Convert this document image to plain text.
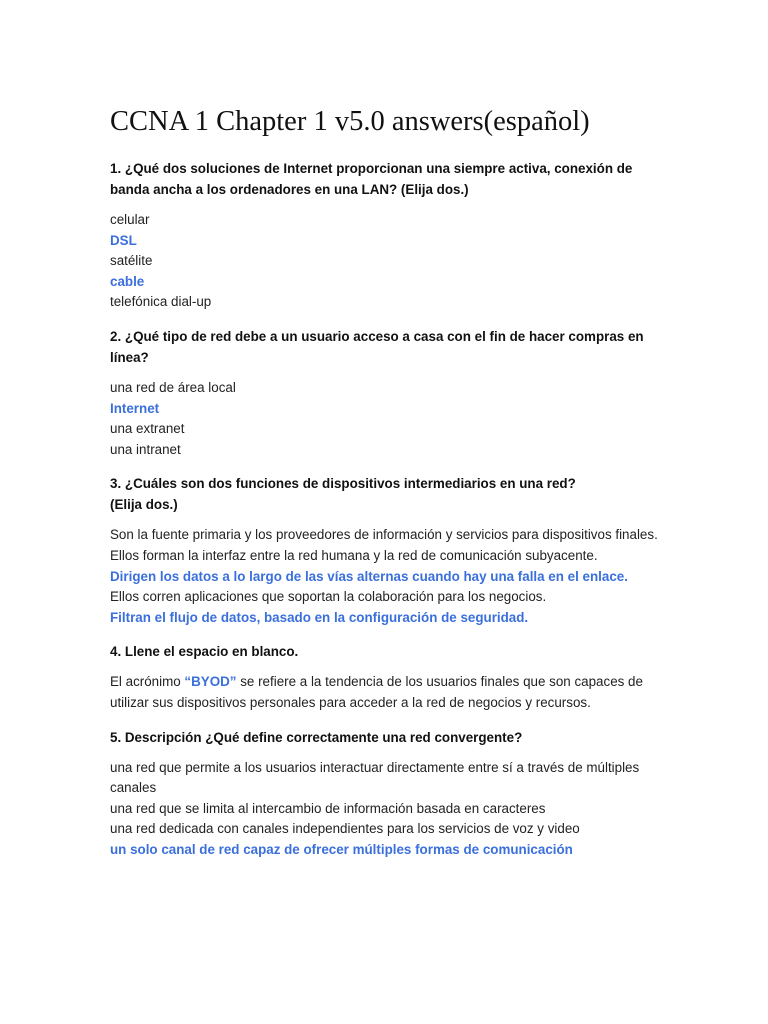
CCNA 1 Chapter 1 v5.0 answers(español)

1. ¿Qué dos soluciones de Internet proporcionan una siempre activa, conexión de banda ancha a los ordenadores en una LAN? (Elija dos.)

celular

DSL

satélite

cable

telefónica dial-up

2. ¿Qué tipo de red debe a un usuario acceso a casa con el fin de hacer compras en línea?

una red de área local

Internet

una extranet

una intranet

3. ¿Cuáles son dos funciones de dispositivos intermediarios en una red? (Elija dos.)

Son la fuente primaria y los proveedores de información y servicios para dispositivos finales.

Ellos forman la interfaz entre la red humana y la red de comunicación subyacente.

Dirigen los datos a lo largo de las vías alternas cuando hay una falla en el enlace.

Ellos corren aplicaciones que soportan la colaboración para los negocios.

Filtran el flujo de datos, basado en la configuración de seguridad.

4. Llene el espacio en blanco.

El acrónimo “BYOD” se refiere a la tendencia de los usuarios finales que son capaces de utilizar sus dispositivos personales para acceder a la red de negocios y recursos.

5. Descripción ¿Qué define correctamente una red convergente?

una red que permite a los usuarios interactuar directamente entre sí a través de múltiples canales

una red que se limita al intercambio de información basada en caracteres

una red dedicada con canales independientes para los servicios de voz y video

un solo canal de red capaz de ofrecer múltiples formas de comunicación
